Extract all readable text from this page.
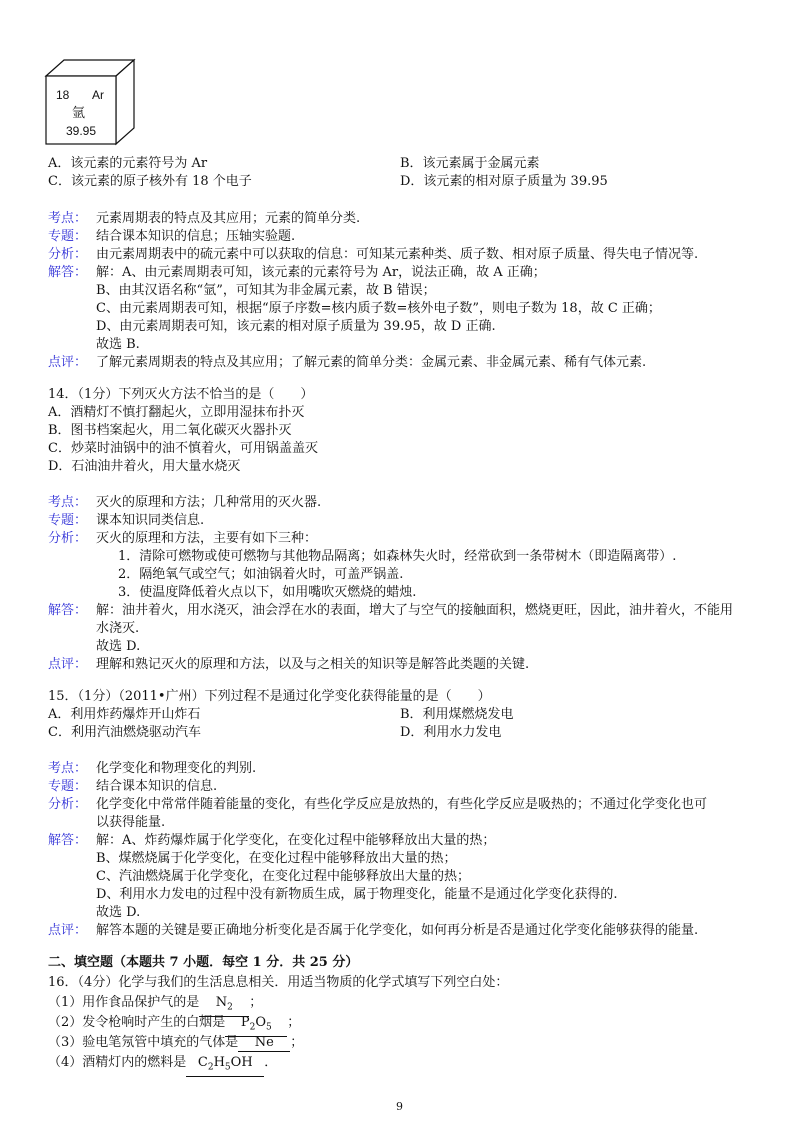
18 Ar
氩
39.95
A．该元素的元素符号为 Ar	B．该元素属于金属元素
C．该元素的原子核外有 18 个电子	D．该元素的相对原子质量为 39.95
考点： 元素周期表的特点及其应用；元素的简单分类.
专题： 结合课本知识的信息；压轴实验题.
分析： 由元素周期表中的硫元素中可以获取的信息：可知某元素种类、质子数、相对原子质量、得失电子情况等.
解答： 解：A、由元素周期表可知，该元素的元素符号为 Ar，说法正确，故 A 正确；
B、由其汉语名称“氩”，可知其为非金属元素，故 B 错误；
C、由元素周期表可知，根据“原子序数=核内质子数=核外电子数”，则电子数为 18，故 C 正确；
D、由元素周期表可知，该元素的相对原子质量为 39.95，故 D 正确.
故选 B.
点评： 了解元素周期表的特点及其应用；了解元素的简单分类：金属元素、非金属元素、稀有气体元素.
14．（1分）下列灭火方法不恰当的是（　　）
A．酒精灯不慎打翻起火，立即用湿抹布扑灭
B．图书档案起火，用二氧化碳灭火器扑灭
C．炒菜时油锅中的油不慎着火，可用锅盖盖灭
D．石油油井着火，用大量水烧灭
考点： 灭火的原理和方法；几种常用的灭火器.
专题： 课本知识同类信息.
分析： 灭火的原理和方法，主要有如下三种：
1．清除可燃物或使可燃物与其他物品隔离；如森林失火时，经常砍到一条带树木（即造隔离带）.
2．隔绝氧气或空气；如油锅着火时，可盖严锅盖.
3．使温度降低着火点以下，如用嘴吹灭燃烧的蜡烛.
解答： 解：油井着火，用水浇灭，油会浮在水的表面，增大了与空气的接触面积，燃烧更旺，因此，油井着火，不能用
水浇灭.
故选 D.
点评： 理解和熟记灭火的原理和方法，以及与之相关的知识等是解答此类题的关键.
15．（1分）（2011•广州）下列过程不是通过化学变化获得能量的是（　　）
A．利用炸药爆炸开山炸石	B．利用煤燃烧发电
C．利用汽油燃烧驱动汽车	D．利用水力发电
考点： 化学变化和物理变化的判别.
专题： 结合课本知识的信息.
分析： 化学变化中常常伴随着能量的变化，有些化学反应是放热的，有些化学反应是吸热的；不通过化学变化也可
以获得能量.
解答： 解：A、炸药爆炸属于化学变化，在变化过程中能够释放出大量的热；
B、煤燃烧属于化学变化，在变化过程中能够释放出大量的热；
C、汽油燃烧属于化学变化，在变化过程中能够释放出大量的热；
D、利用水力发电的过程中没有新物质生成，属于物理变化，能量不是通过化学变化获得的.
故选 D.
点评： 解答本题的关键是要正确地分析变化是否属于化学变化，如何再分析是否是通过化学变化能够获得的能量.
二、填空题（本题共 7 小题．每空 1 分．共 25 分）
16．（4分）化学与我们的生活息息相关．用适当物质的化学式填写下列空白处：
（1）用作食品保护气的是 $N_2$ ；
（2）发令枪响时产生的白烟是 $P_2O_5$ ；
（3）验电笔氖管中填充的气体是 Ne ；
（4）酒精灯内的燃料是 $C_2H_5OH$ ．
9
